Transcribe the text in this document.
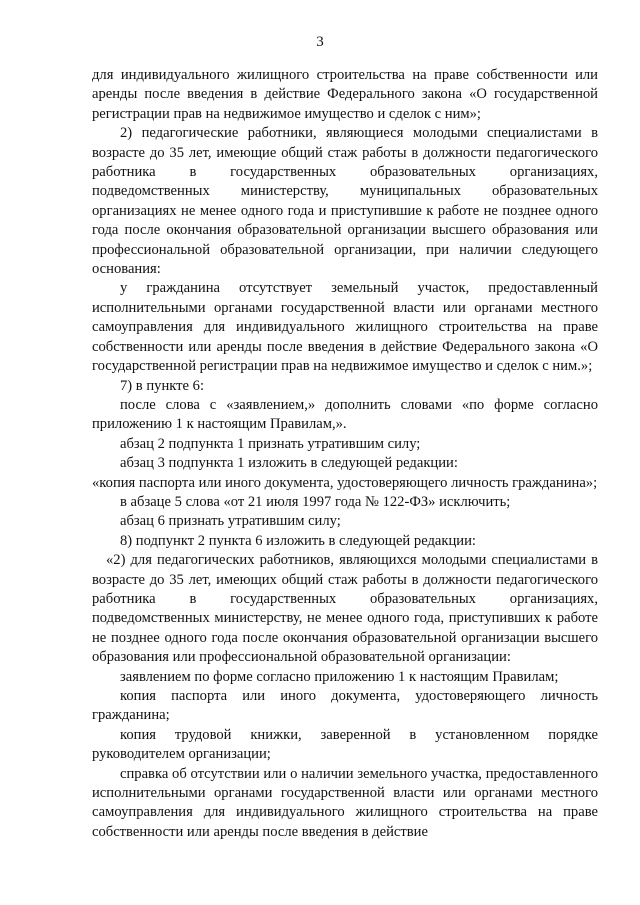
3

для индивидуального жилищного строительства на праве собственности или аренды после введения в действие Федерального закона «О государственной регистрации прав на недвижимое имущество и сделок с ним»;

2) педагогические работники, являющиеся молодыми специалистами в возрасте до 35 лет, имеющие общий стаж работы в должности педагогического работника в государственных образовательных организациях, подведомственных министерству, муниципальных образовательных организациях не менее одного года и приступившие к работе не позднее одного года после окончания образовательной организации высшего образования или профессиональной образовательной организации, при наличии следующего основания:

у гражданина отсутствует земельный участок, предоставленный исполнительными органами государственной власти или органами местного самоуправления для индивидуального жилищного строительства на праве собственности или аренды после введения в действие Федерального закона «О государственной регистрации прав на недвижимое имущество и сделок с ним.»;

7) в пункте 6:

после слова с «заявлением,» дополнить словами «по форме согласно приложению 1 к настоящим Правилам,».

абзац 2 подпункта 1 признать утратившим силу;

абзац 3 подпункта 1 изложить в следующей редакции:

«копия паспорта или иного документа, удостоверяющего личность гражданина»;

в абзаце 5 слова «от 21 июля 1997 года № 122-ФЗ» исключить;

абзац 6 признать утратившим силу;

8) подпункт 2 пункта 6 изложить в следующей редакции:

«2) для педагогических работников, являющихся молодыми специалистами в возрасте до 35 лет, имеющих общий стаж работы в должности педагогического работника в государственных образовательных организациях, подведомственных министерству, не менее одного года, приступивших к работе не позднее одного года после окончания образовательной организации высшего образования или профессиональной образовательной организации:

заявлением по форме согласно приложению 1 к настоящим Правилам;

копия паспорта или иного документа, удостоверяющего личность гражданина;

копия трудовой книжки, заверенной в установленном порядке руководителем организации;

справка об отсутствии или о наличии земельного участка, предоставленного исполнительными органами государственной власти или органами местного самоуправления для индивидуального жилищного строительства на праве собственности или аренды после введения в действие
